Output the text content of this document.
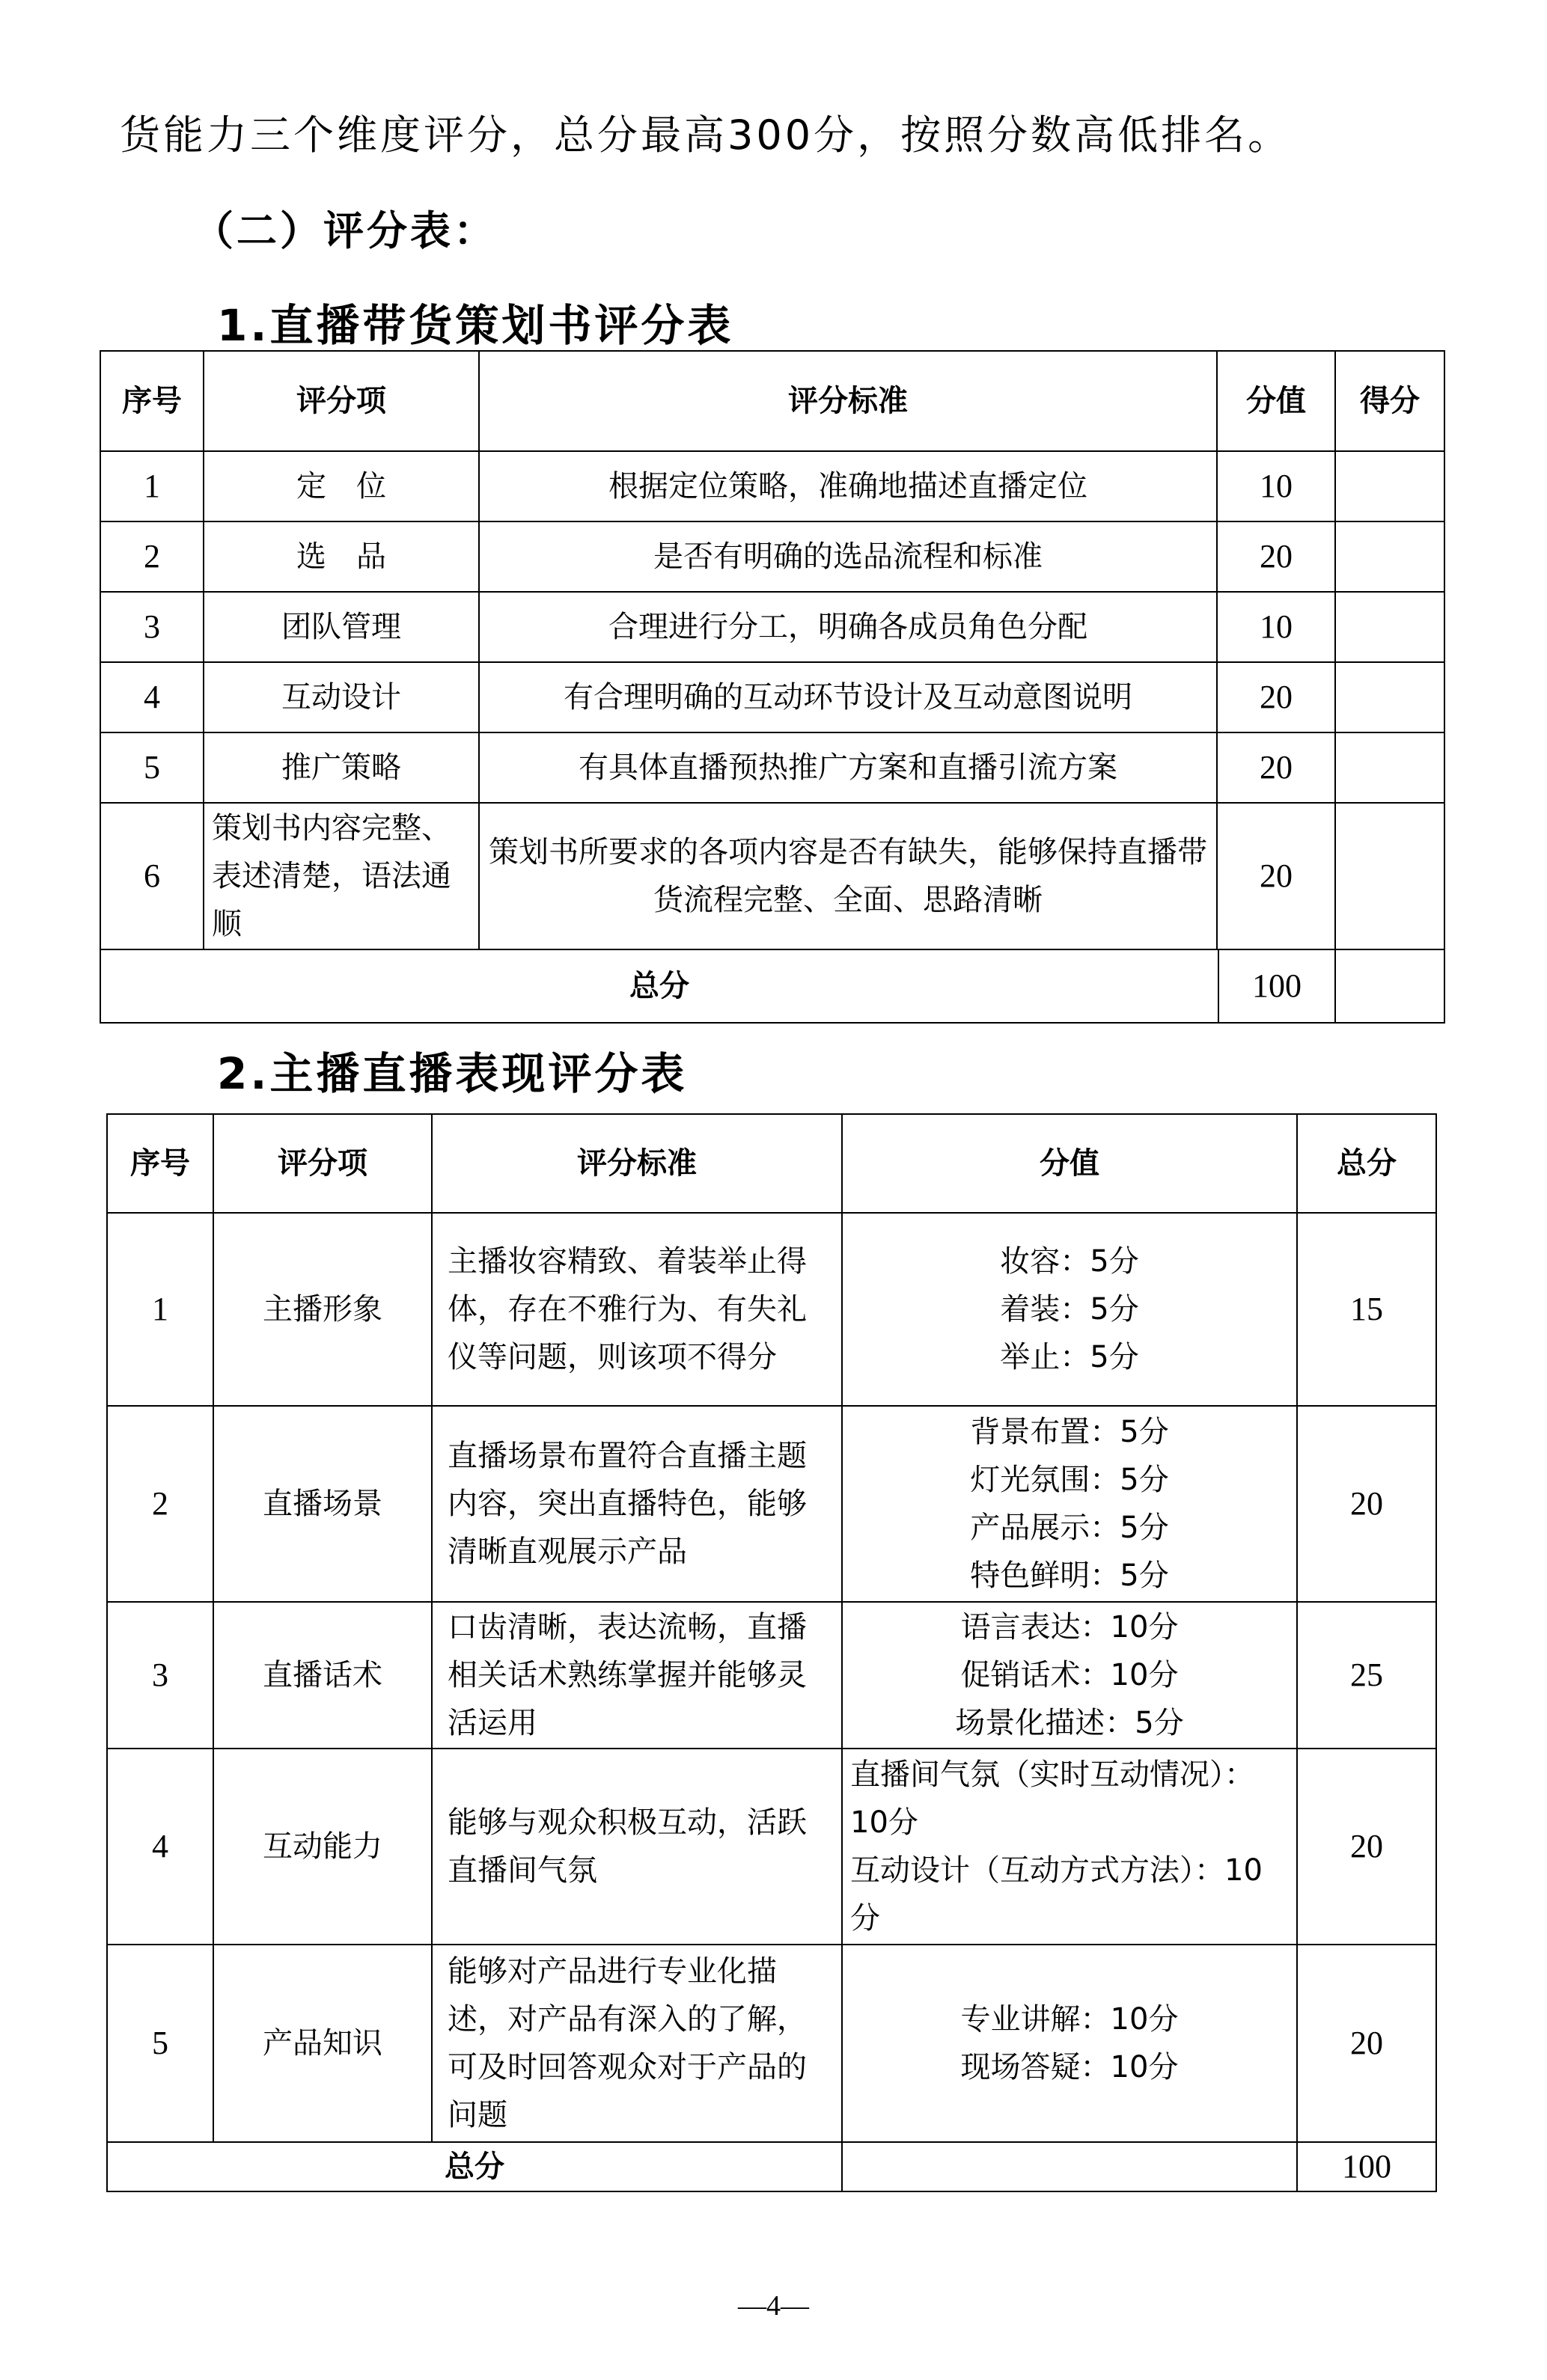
货能力三个维度评分，总分最高300分，按照分数高低排名。

（二）评分表：
1.直播带货策划书评分表
序号	评分项	评分标准	分值	得分
1	定　位	根据定位策略，准确地描述直播定位	10	
2	选　品	是否有明确的选品流程和标准	20	
3	团队管理	合理进行分工，明确各成员角色分配	10	
4	互动设计	有合理明确的互动环节设计及互动意图说明	20	
5	推广策略	有具体直播预热推广方案和直播引流方案	20	
6	策划书内容完整、表述清楚，语法通顺	策划书所要求的各项内容是否有缺失，能够保持直播带货流程完整、全面、思路清晰	20	

总分 100				

2.主播直播表现评分表
序号	评分项	评分标准	分值	总分
1	主播形象	主播妆容精致、着装举止得体，存在不雅行为、有失礼仪等问题，则该项不得分	妆容：5分
着装：5分
举止：5分	15
2	直播场景	直播场景布置符合直播主题内容，突出直播特色，能够清晰直观展示产品	背景布置：5分
灯光氛围：5分
产品展示：5分
特色鲜明：5分	20
3	直播话术	口齿清晰，表达流畅，直播相关话术熟练掌握并能够灵活运用	语言表达：10分
促销话术：10分
场景化描述：5分	25
4	互动能力	能够与观众积极互动，活跃直播间气氛	直播间气氛（实时互动情况）：10分
互动设计（互动方式方法）：10分	20
5	产品知识	能够对产品进行专业化描述，对产品有深入的了解，可及时回答观众对于产品的问题	专业讲解：10分
现场答疑：10分	20
总分				100
—4—
